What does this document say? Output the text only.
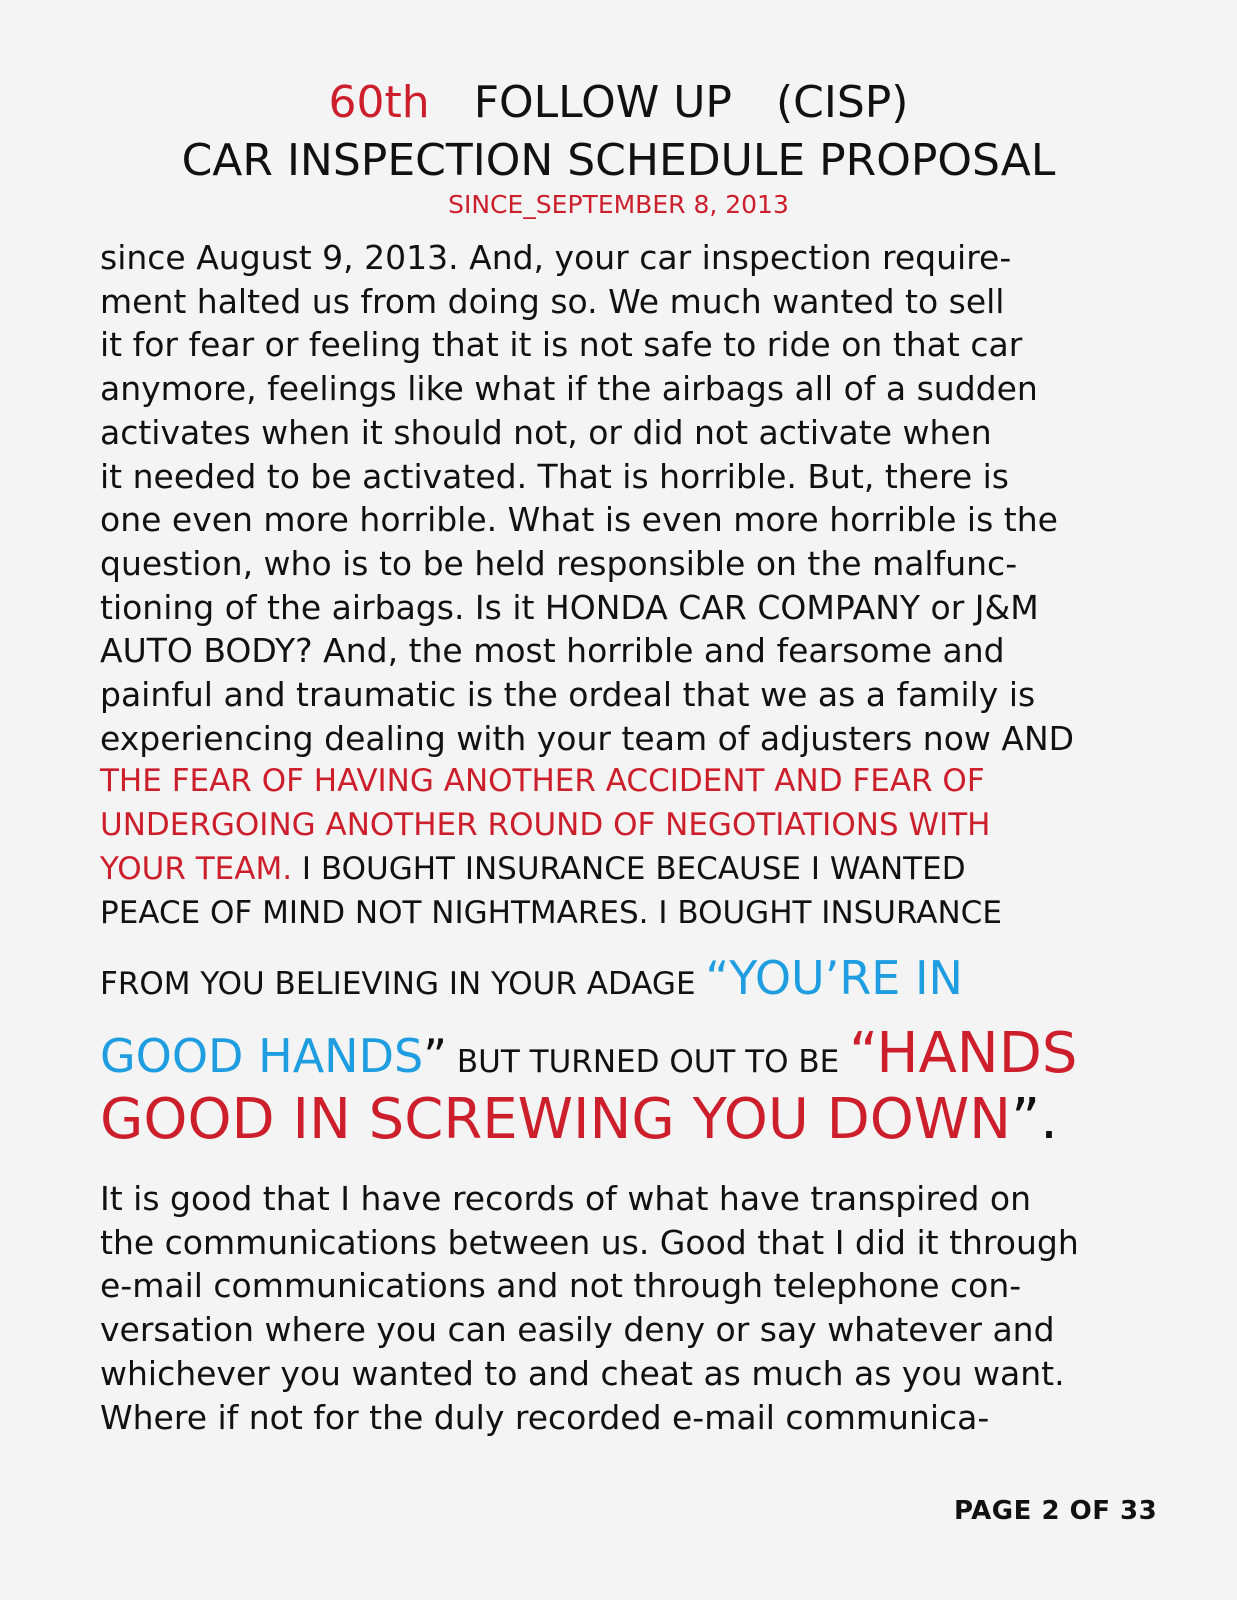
60th FOLLOW UP (CISP)
CAR INSPECTION SCHEDULE PROPOSAL
SINCE_SEPTEMBER 8, 2013
since August 9, 2013. And, your car inspection require-
ment halted us from doing so. We much wanted to sell
it for fear or feeling that it is not safe to ride on that car
anymore, feelings like what if the airbags all of a sudden
activates when it should not, or did not activate when
it needed to be activated. That is horrible. But, there is
one even more horrible. What is even more horrible is the
question, who is to be held responsible on the malfunc-
tioning of the airbags. Is it HONDA CAR COMPANY or J&M
AUTO BODY? And, the most horrible and fearsome and
painful and traumatic is the ordeal that we as a family is
experiencing dealing with your team of adjusters now AND
THE FEAR OF HAVING ANOTHER ACCIDENT AND FEAR OF
UNDERGOING ANOTHER ROUND OF NEGOTIATIONS WITH
YOUR TEAM. I BOUGHT INSURANCE BECAUSE I WANTED
PEACE OF MIND NOT NIGHTMARES. I BOUGHT INSURANCE
FROM YOU BELIEVING IN YOUR ADAGE “YOU’RE IN
GOOD HANDS” BUT TURNED OUT TO BE “HANDS
GOOD IN SCREWING YOU DOWN”.
It is good that I have records of what have transpired on
the communications between us. Good that I did it through
e-mail communications and not through telephone con-
versation where you can easily deny or say whatever and
whichever you wanted to and cheat as much as you want.
Where if not for the duly recorded e-mail communica-
PAGE 2 OF 33
